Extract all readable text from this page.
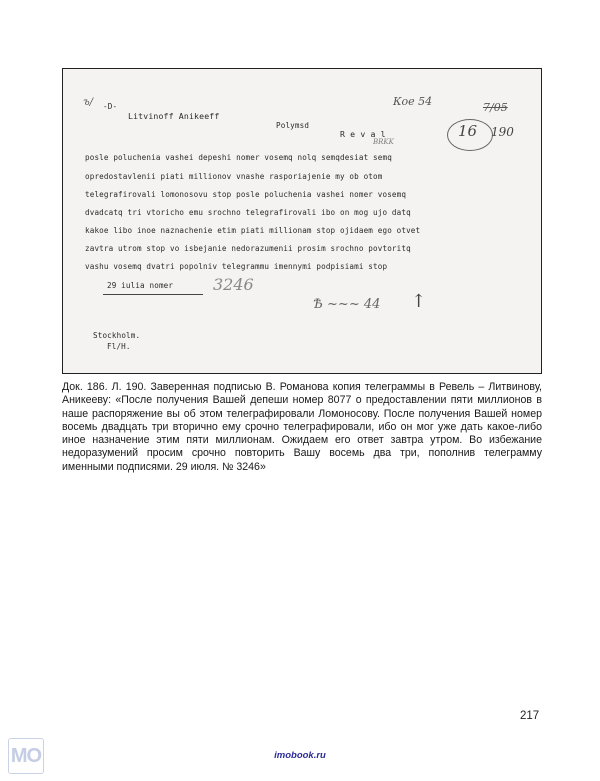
ъ/ -D-

Litvinoff Anikeeff

Polymsd

R e v a l

BRKK

Кое 54	7/05

16 190

posle poluchenia vashei depeshi nomer vosemq nolq semqdesiat semq

opredostavlenii piati millionov vnashe rasporiajenie my ob otom

telegrafirovali lomonosovu stop posle poluchenia vashei nomer vosemq

dvadcatq tri vtoricho emu srochno telegrafirovali ibo on mog ujo datq

kakoe libo inoe naznachenie etim piati millionam stop ojidaem ego otvet

zavtra utrom stop vo isbejanie nedorazumenii prosim srochno povtoritq

vashu vosemq dvatri popolniv telegrammu imennymi podpisiami stop

29 iulia nomer 3246

Ѣ ~~~ 44 ↑

Stockholm.

Fl/H.

Док. 186. Л. 190. Заверенная подписью В. Романова копия телеграммы в Ревель – Литвинову, Аникееву: «После получения Вашей депеши номер 8077 о предоставлении пяти миллионов в наше распоряжение вы об этом телеграфировали Ломоносову. После получения Вашей номер восемь двадцать три вторично ему срочно телеграфировали, ибо он мог уже дать какое-либо иное назначение этим пяти миллионам. Ожидаем его ответ завтра утром. Во избежание недоразумений просим срочно повторить Вашу восемь два три, пополнив телеграмму именными подписями. 29 июля. № 3246»

217

МО	imobook.ru
